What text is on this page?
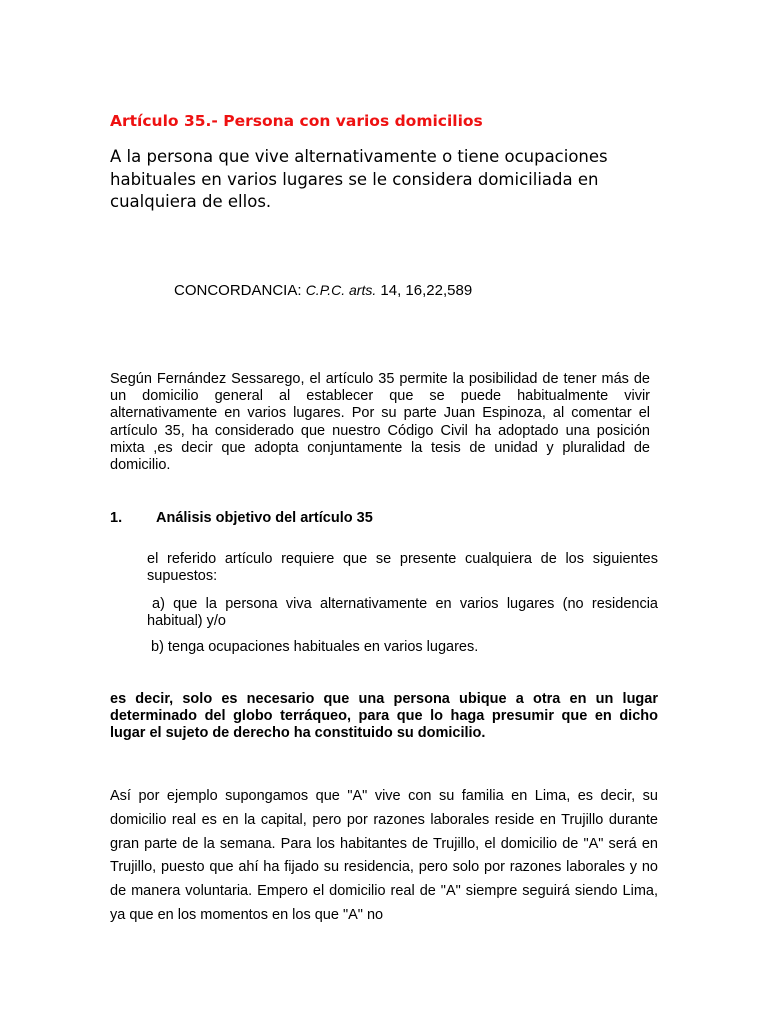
Artículo 35.- Persona con varios domicilios

A la persona que vive alternativamente o tiene ocupaciones habituales en varios lugares se le considera domiciliada en cualquiera de ellos.

CONCORDANCIA: C.P.C. arts. 14, 16,22,589

Según Fernández Sessarego, el artículo 35 permite la posibilidad de tener más de un domicilio general al establecer que se puede habitualmente vivir alternativamente en varios lugares. Por su parte Juan Espinoza, al comentar el artículo 35, ha considerado que nuestro Código Civil ha adoptado una posición mixta ,es decir que adopta conjuntamente la tesis de unidad y pluralidad de domicilio.

1. Análisis objetivo del artículo 35

el referido artículo requiere que se presente cualquiera de los siguientes supuestos:

a) que la persona viva alternativamente en varios lugares (no residencia habitual) y/o

b) tenga ocupaciones habituales en varios lugares.

es decir, solo es necesario que una persona ubique a otra en un lugar determinado del globo terráqueo, para que lo haga presumir que en dicho lugar el sujeto de derecho ha constituido su domicilio.

Así por ejemplo supongamos que "A" vive con su familia en Lima, es decir, su domicilio real es en la capital, pero por razones laborales reside en Trujillo durante gran parte de la semana. Para los habitantes de Trujillo, el domicilio de "A" será en Trujillo, puesto que ahí ha fijado su residencia, pero solo por razones laborales y no de manera voluntaria. Empero el domicilio real de "A" siempre seguirá siendo Lima, ya que en los momentos en los que "A" no
